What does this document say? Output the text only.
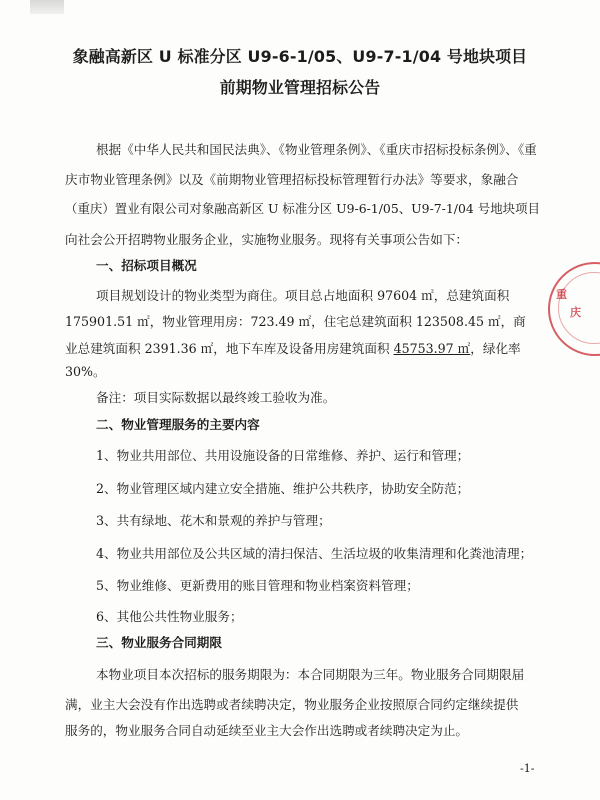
象融高新区 U 标准分区 U9-6-1/05、U9-7-1/04 号地块项目
前期物业管理招标公告
根据《中华人民共和国民法典》、《物业管理条例》、《重庆市招标投标条例》、《重
庆市物业管理条例》以及《前期物业管理招标投标管理暂行办法》等要求，象融合
（重庆）置业有限公司对象融高新区 U 标准分区 U9-6-1/05、U9-7-1/04 号地块项目
向社会公开招聘物业服务企业，实施物业服务。现将有关事项公告如下：
一、招标项目概况
项目规划设计的物业类型为商住。项目总占地面积 97604 ㎡，总建筑面积
175901.51 ㎡，物业管理用房：723.49 ㎡，住宅总建筑面积 123508.45 ㎡，商
业总建筑面积 2391.36 ㎡，地下车库及设备用房建筑面积 45753.97 ㎡，绿化率
30%。
备注：项目实际数据以最终竣工验收为准。
二、物业管理服务的主要内容
1、物业共用部位、共用设施设备的日常维修、养护、运行和管理；
2、物业管理区域内建立安全措施、维护公共秩序，协助安全防范；
3、共有绿地、花木和景观的养护与管理；
4、物业共用部位及公共区域的清扫保洁、生活垃圾的收集清理和化粪池清理；
5、物业维修、更新费用的账目管理和物业档案资料管理；
6、其他公共性物业服务；
三、物业服务合同期限
本物业项目本次招标的服务期限为：本合同期限为三年。物业服务合同期限届
满，业主大会没有作出选聘或者续聘决定，物业服务企业按照原合同约定继续提供
服务的，物业服务合同自动延续至业主大会作出选聘或者续聘决定为止。
重
庆
-1-
